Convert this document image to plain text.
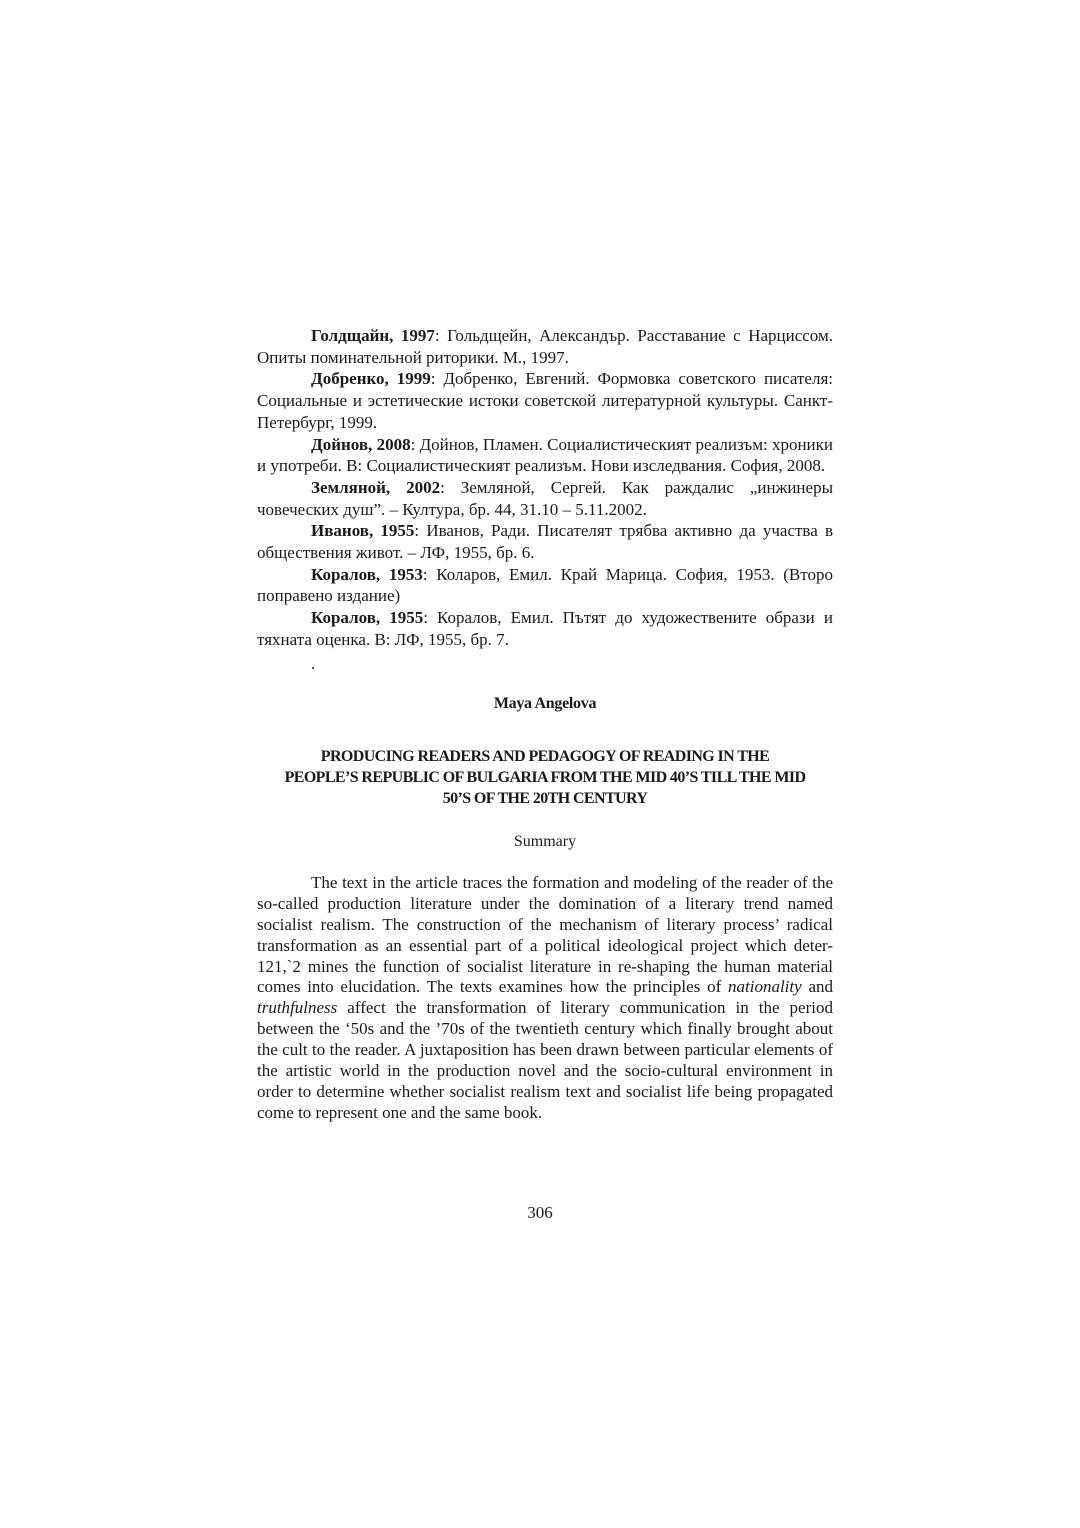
Голдщайн, 1997: Гольдщейн, Александър. Расставание с Нарциссом. Опиты поминательной риторики. М., 1997.

Добренко, 1999: Добренко, Евгений. Формовка советского писателя: Социальные и эстетические истоки советской литературной культуры. Санкт-Петербург, 1999.

Дойнов, 2008: Дойнов, Пламен. Социалистическият реализъм: хроники и употреби. В: Социалистическият реализъм. Нови изследвания. София, 2008.

Земляной, 2002: Земляной, Сергей. Как раждалис „инжинеры човеческих душ”. – Култура, бр. 44, 31.10 – 5.11.2002.

Иванов, 1955: Иванов, Ради. Писателят трябва активно да участва в обществения живот. – ЛФ, 1955, бр. 6.

Коралов, 1953: Коларов, Емил. Край Марица. София, 1953. (Второ поправено издание)

Коралов, 1955: Коралов, Емил. Пътят до художествените образи и тяхната оценка. В: ЛФ, 1955, бр. 7.

.

Maya Angelova
PRODUCING READERS AND PEDAGOGY OF READING IN THE
PEOPLE’S REPUBLIC OF BULGARIA FROM THE MID 40’S TILL THE MID
50’S OF THE 20TH CENTURY
Summary

The text in the article traces the formation and modeling of the reader of the so-called production literature under the domination of a literary trend named socialist realism. The construction of the mechanism of literary process’ radical transformation as an essential part of a political ideological project which deter-121,`2 mines the function of socialist literature in re-shaping the human material comes into elucidation. The texts examines how the principles of nationality and truthfulness affect the transformation of literary communication in the period between the ‘50s and the ’70s of the twentieth century which finally brought about the cult to the reader. A juxtaposition has been drawn between particular elements of the artistic world in the production novel and the socio-cultural environment in order to determine whether socialist realism text and socialist life being propagated come to represent one and the same book.

306
